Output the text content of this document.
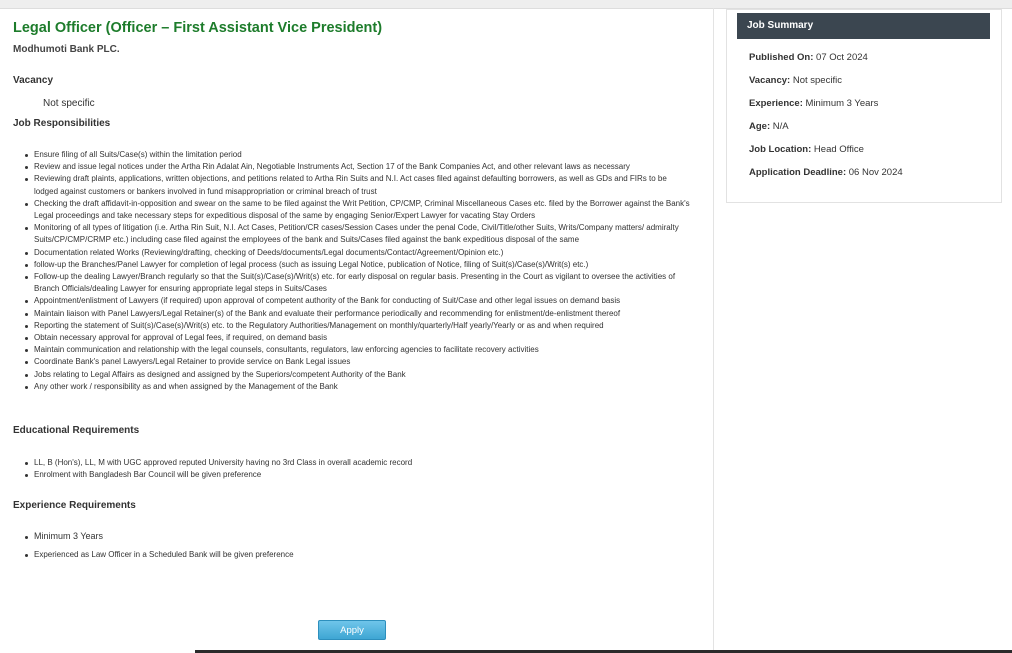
Legal Officer (Officer – First Assistant Vice President)
Modhumoti Bank PLC.
Vacancy
Not specific
Job Responsibilities
Ensure filing of all Suits/Case(s) within the limitation period
Review and issue legal notices under the Artha Rin Adalat Ain, Negotiable Instruments Act, Section 17 of the Bank Companies Act, and other relevant laws as necessary
Reviewing draft plaints, applications, written objections, and petitions related to Artha Rin Suits and N.I. Act cases filed against defaulting borrowers, as well as GDs and FIRs to be lodged against customers or bankers involved in fund misappropriation or criminal breach of trust
Checking the draft affidavit-in-opposition and swear on the same to be filed against the Writ Petition, CP/CMP, Criminal Miscellaneous Cases etc. filed by the Borrower against the Bank's Legal proceedings and take necessary steps for expeditious disposal of the same by engaging Senior/Expert Lawyer for vacating Stay Orders
Monitoring of all types of litigation (i.e. Artha Rin Suit, N.I. Act Cases, Petition/CR cases/Session Cases under the penal Code, Civil/Title/other Suits, Writs/Company matters/ admiralty Suits/CP/CMP/CRMP etc.) including case filed against the employees of the bank and Suits/Cases filed against the bank expeditious disposal of the same
Documentation related Works (Reviewing/drafting, checking of Deeds/documents/Legal documents/Contact/Agreement/Opinion etc.)
follow-up the Branches/Panel Lawyer for completion of legal process (such as issuing Legal Notice, publication of Notice, filing of Suit(s)/Case(s)/Writ(s) etc.)
Follow-up the dealing Lawyer/Branch regularly so that the Suit(s)/Case(s)/Writ(s) etc. for early disposal on regular basis. Presenting in the Court as vigilant to oversee the activities of Branch Officials/dealing Lawyer for ensuring appropriate legal steps in Suits/Cases
Appointment/enlistment of Lawyers (if required) upon approval of competent authority of the Bank for conducting of Suit/Case and other legal issues on demand basis
Maintain liaison with Panel Lawyers/Legal Retainer(s) of the Bank and evaluate their performance periodically and recommending for enlistment/de-enlistment thereof
Reporting the statement of Suit(s)/Case(s)/Writ(s) etc. to the Regulatory Authorities/Management on monthly/quarterly/Half yearly/Yearly or as and when required
Obtain necessary approval for approval of Legal fees, if required, on demand basis
Maintain communication and relationship with the legal counsels, consultants, regulators, law enforcing agencies to facilitate recovery activities
Coordinate Bank's panel Lawyers/Legal Retainer to provide service on Bank Legal issues
Jobs relating to Legal Affairs as designed and assigned by the Superiors/competent Authority of the Bank
Any other work / responsibility as and when assigned by the Management of the Bank
Educational Requirements
LL, B (Hon's), LL, M with UGC approved reputed University having no 3rd Class in overall academic record
Enrolment with Bangladesh Bar Council will be given preference
Experience Requirements
Minimum 3 Years
Experienced as Law Officer in a Scheduled Bank will be given preference
Apply
Job Summary
Published On: 07 Oct 2024
Vacancy: Not specific
Experience: Minimum 3 Years
Age: N/A
Job Location: Head Office
Application Deadline: 06 Nov 2024
